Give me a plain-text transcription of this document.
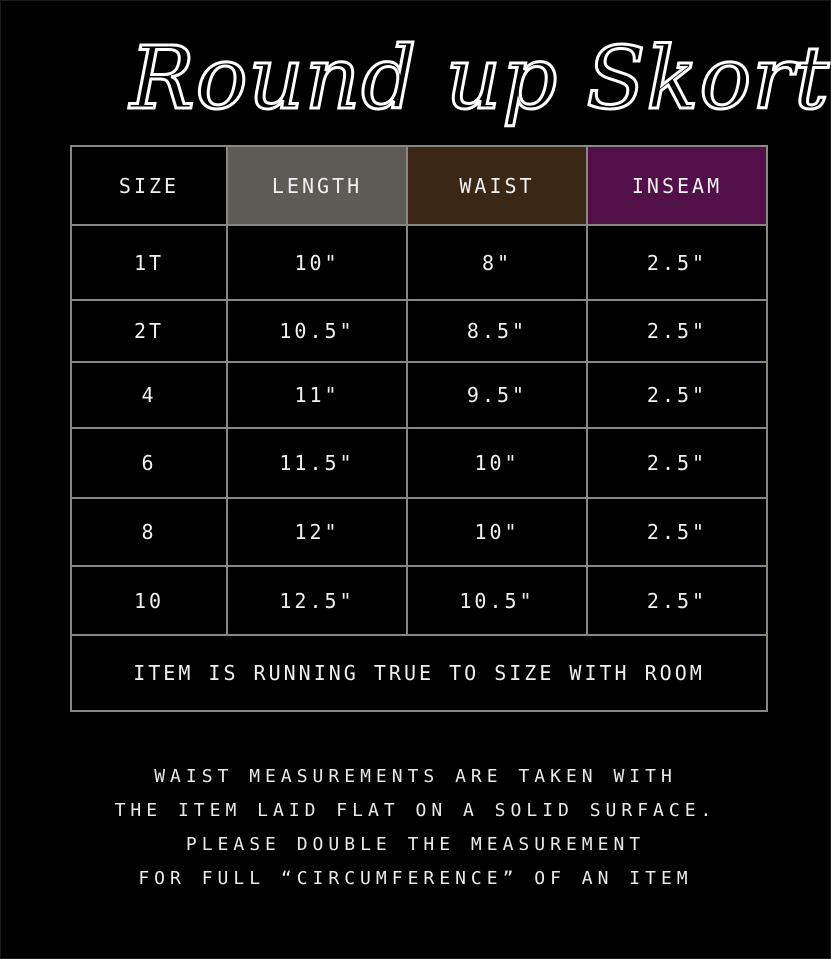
Round up Skort
SIZE	LENGTH	WAIST	INSEAM
1T	10"	8"	2.5"
2T	10.5"	8.5"	2.5"
4	11"	9.5"	2.5"
6	11.5"	10"	2.5"
8	12"	10"	2.5"
10	12.5"	10.5"	2.5"
ITEM IS RUNNING TRUE TO SIZE WITH ROOM			
WAIST MEASUREMENTS ARE TAKEN WITH
THE ITEM LAID FLAT ON A SOLID SURFACE.
PLEASE DOUBLE THE MEASUREMENT
FOR FULL “CIRCUMFERENCE” OF AN ITEM
